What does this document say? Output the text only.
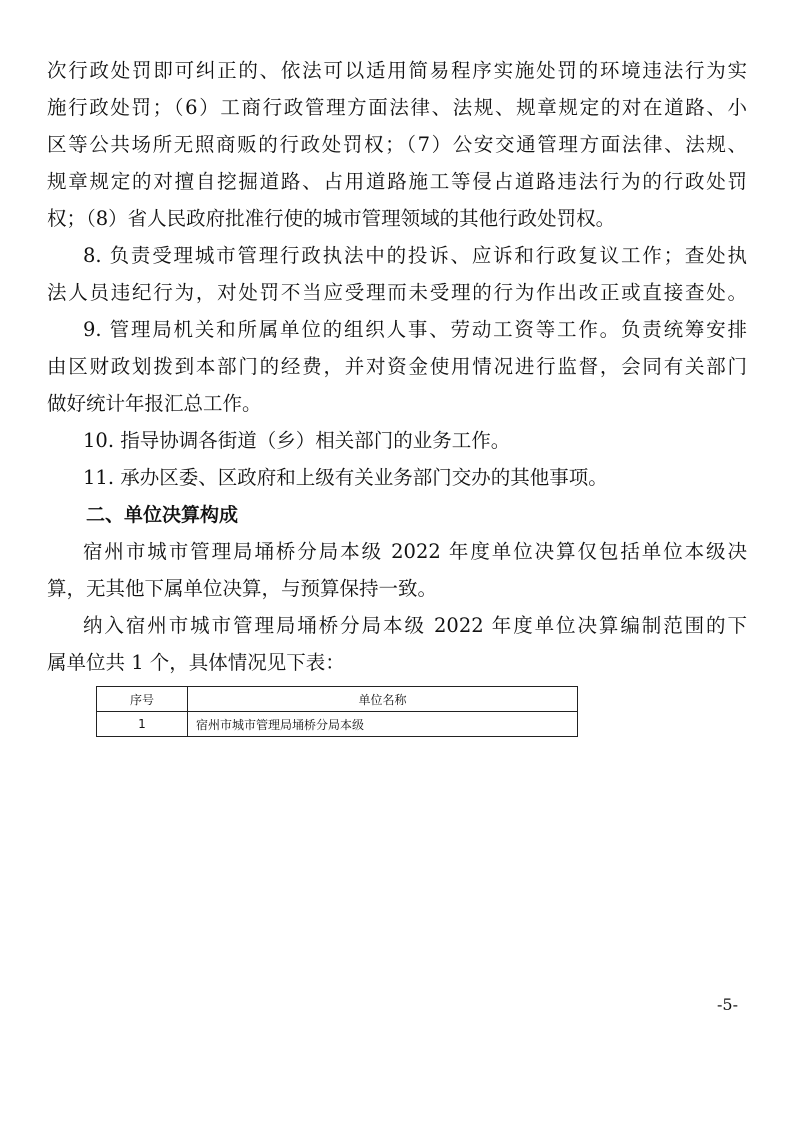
次行政处罚即可纠正的、依法可以适用简易程序实施处罚的环境违法行为实
施行政处罚；（6）工商行政管理方面法律、法规、规章规定的对在道路、小
区等公共场所无照商贩的行政处罚权；（7）公安交通管理方面法律、法规、
规章规定的对擅自挖掘道路、占用道路施工等侵占道路违法行为的行政处罚
权；（8）省人民政府批准行使的城市管理领域的其他行政处罚权。
8. 负责受理城市管理行政执法中的投诉、应诉和行政复议工作；查处执
法人员违纪行为，对处罚不当应受理而未受理的行为作出改正或直接查处。
9. 管理局机关和所属单位的组织人事、劳动工资等工作。负责统筹安排
由区财政划拨到本部门的经费，并对资金使用情况进行监督，会同有关部门
做好统计年报汇总工作。
10. 指导协调各街道（乡）相关部门的业务工作。
11. 承办区委、区政府和上级有关业务部门交办的其他事项。
二、单位决算构成
宿州市城市管理局埇桥分局本级 2022 年度单位决算仅包括单位本级决
算，无其他下属单位决算，与预算保持一致。
纳入宿州市城市管理局埇桥分局本级 2022 年度单位决算编制范围的下
属单位共 1 个，具体情况见下表：
序号	单位名称
1	宿州市城市管理局埇桥分局本级
-5-
